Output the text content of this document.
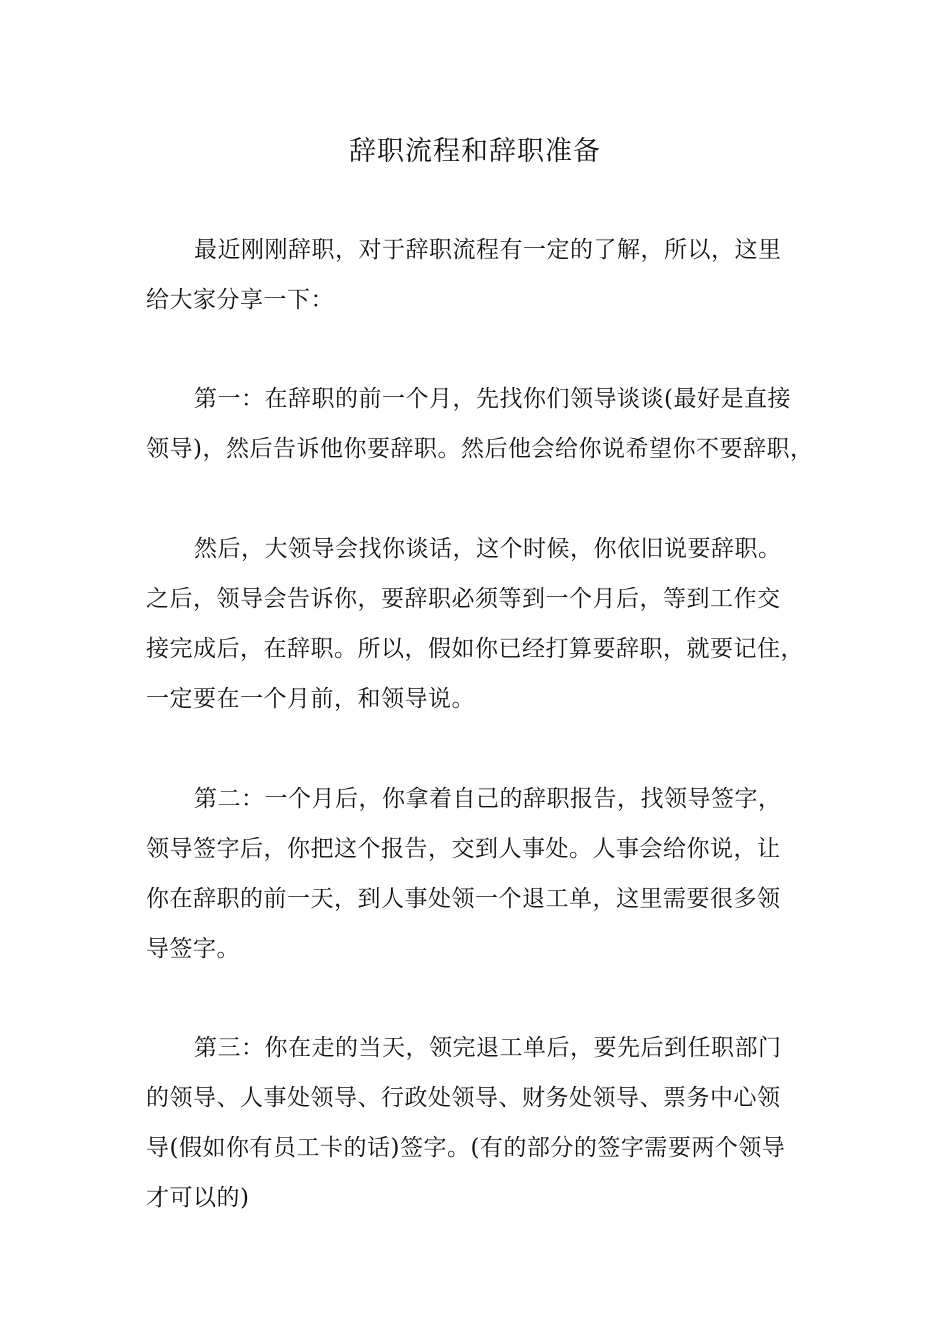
辞职流程和辞职准备

最近刚刚辞职，对于辞职流程有一定的了解，所以，这里
给大家分享一下：

第一：在辞职的前一个月，先找你们领导谈谈(最好是直接
领导)，然后告诉他你要辞职。然后他会给你说希望你不要辞职，

然后，大领导会找你谈话，这个时候，你依旧说要辞职。
之后，领导会告诉你，要辞职必须等到一个月后，等到工作交
接完成后，在辞职。所以，假如你已经打算要辞职，就要记住，
一定要在一个月前，和领导说。

第二：一个月后，你拿着自己的辞职报告，找领导签字，
领导签字后，你把这个报告，交到人事处。人事会给你说，让
你在辞职的前一天，到人事处领一个退工单，这里需要很多领
导签字。

第三：你在走的当天，领完退工单后，要先后到任职部门
的领导、人事处领导、行政处领导、财务处领导、票务中心领
导(假如你有员工卡的话)签字。(有的部分的签字需要两个领导
才可以的)
